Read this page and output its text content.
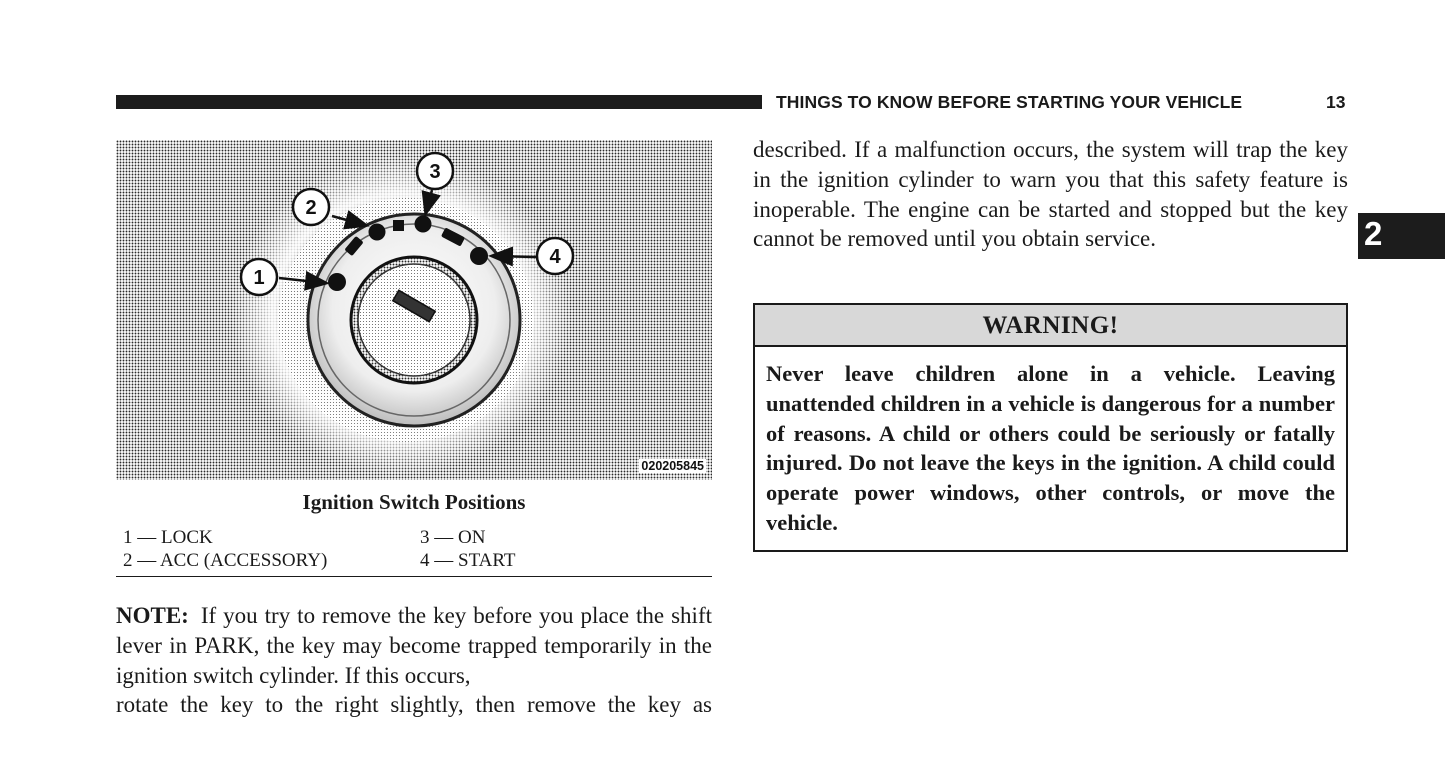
THINGS TO KNOW BEFORE STARTING YOUR VEHICLE	13
2
1
2
3
4
020205845
Ignition Switch Positions
1 — LOCK
2 — ACC (ACCESSORY)
3 — ON
4 — START
NOTE: If you try to remove the key before you place the shift lever in PARK, the key may become trapped temporarily in the ignition switch cylinder. If this occurs,
rotate the key to the right slightly, then remove the key as
described. If a malfunction occurs, the system will trap the key in the ignition cylinder to warn you that this safety feature is inoperable. The engine can be started and stopped but the key cannot be removed until you obtain service.
WARNING!
Never leave children alone in a vehicle. Leaving unattended children in a vehicle is dangerous for a number of reasons. A child or others could be seriously or fatally injured. Do not leave the keys in the ignition. A child could operate power windows, other controls, or move the vehicle.
